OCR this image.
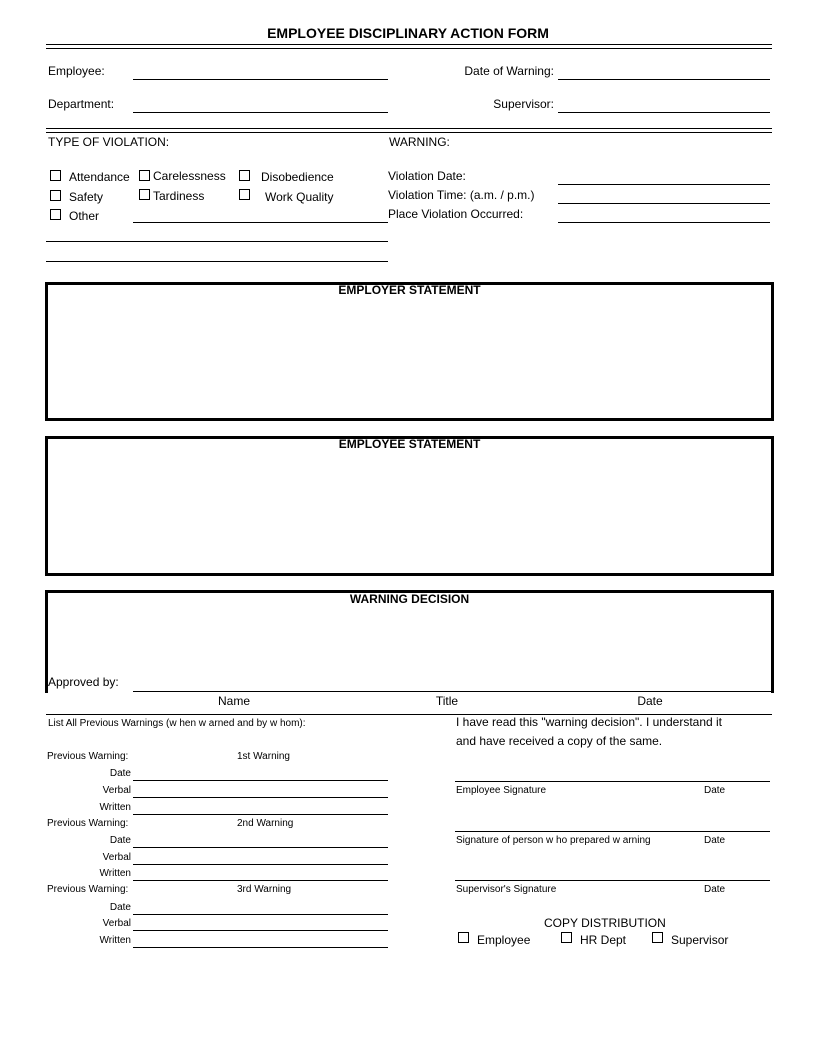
EMPLOYEE DISCIPLINARY ACTION FORM
Employee:	Date of Warning:
Department:	Supervisor:
TYPE OF VIOLATION:
Attendance Carelessness	Disobedience
Safety	Tardiness	Work Quality
Other
WARNING:
Violation Date:
Violation Time: (a.m. / p.m.)
Place Violation Occurred:
EMPLOYER STATEMENT
EMPLOYEE STATEMENT
WARNING DECISION
Approved by:
Name	Title	Date
List All Previous Warnings (w hen w arned and by w hom):
Previous Warning:	1st Warning
Date
Verbal
Written
Previous Warning:	2nd Warning
Date
Verbal
Written
Previous Warning:	3rd Warning
Date
Verbal
Written
I have read this "warning decision". I understand it
and have received a copy of the same.
Employee Signature	Date
Signature of person w ho prepared w arning	Date
Supervisor's Signature	Date
COPY DISTRIBUTION
Employee	HR Dept	Supervisor
